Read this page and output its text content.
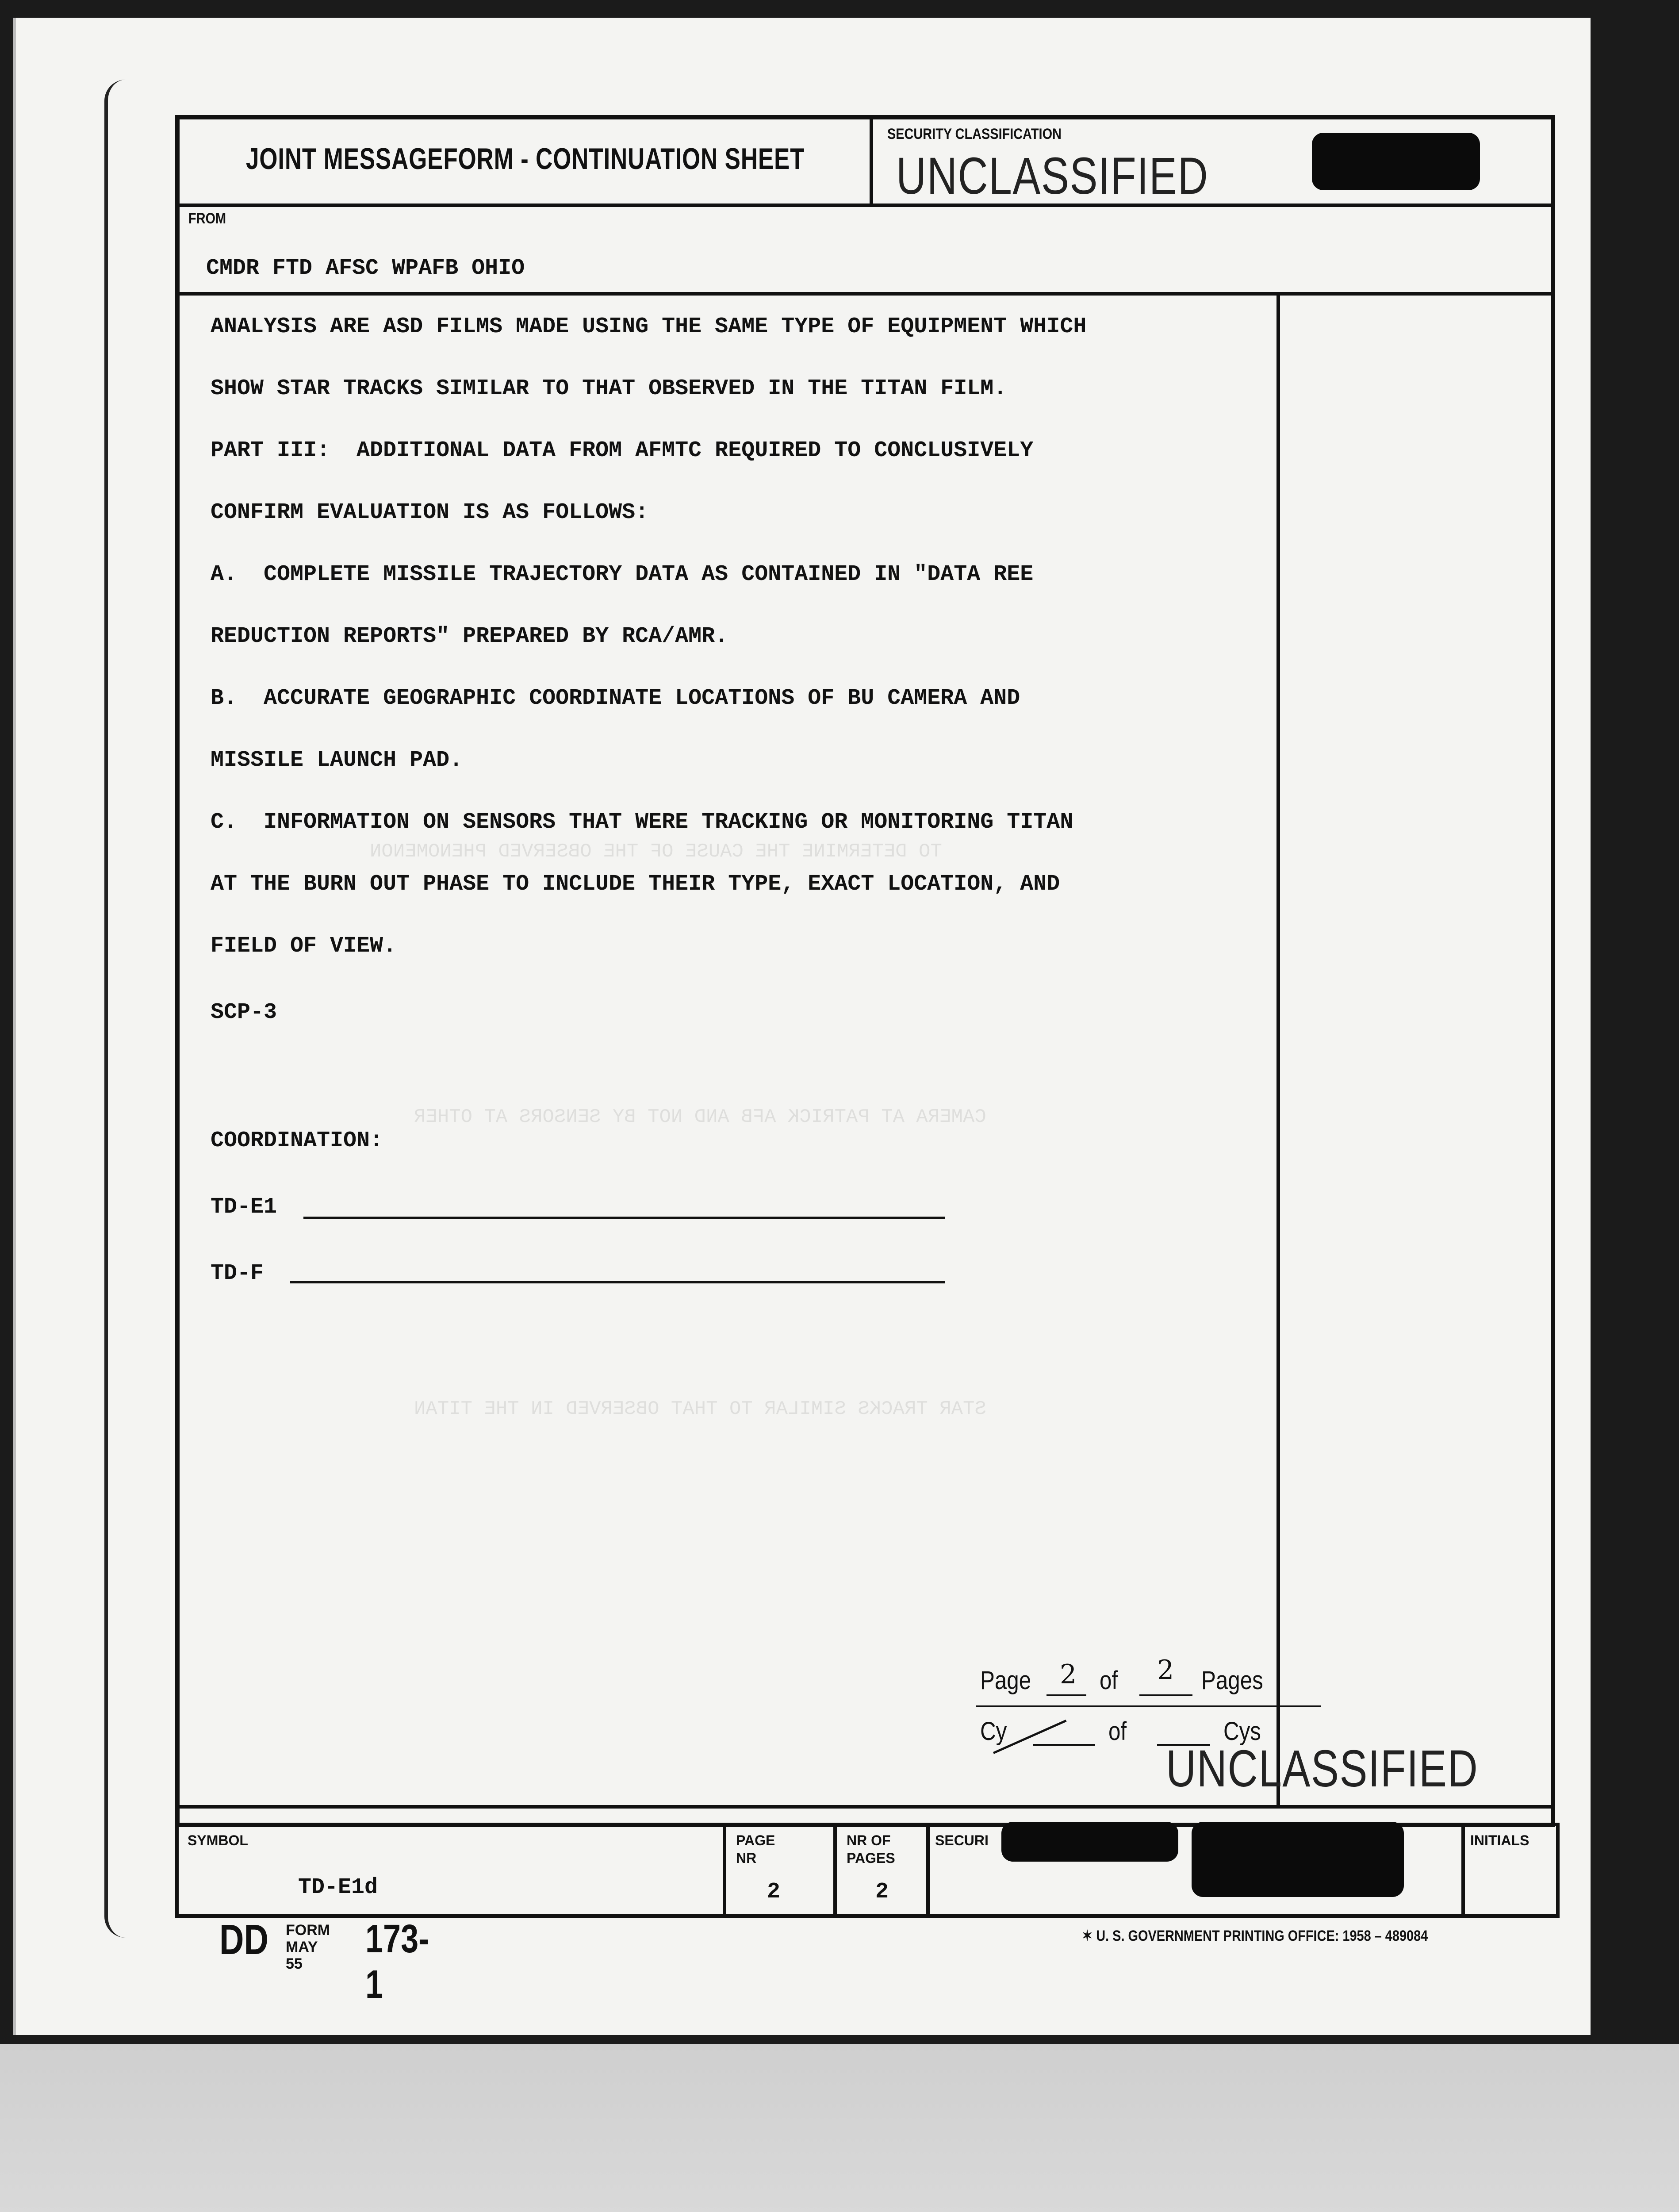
TO DETERMINE THE CAUSE OF THE OBSERVED PHENOMENON
CAMERA AT PATRICK AFB AND NOT BY SENSORS AT OTHER
STAR TRACKS SIMILAR TO THAT OBSERVED IN THE TITAN
JOINT MESSAGEFORM - CONTINUATION SHEET
SECURITY CLASSIFICATION
UNCLASSIFIED
FROM
CMDR FTD AFSC WPAFB OHIO
ANALYSIS ARE ASD FILMS MADE USING THE SAME TYPE OF EQUIPMENT WHICH
SHOW STAR TRACKS SIMILAR TO THAT OBSERVED IN THE TITAN FILM.
PART III:  ADDITIONAL DATA FROM AFMTC REQUIRED TO CONCLUSIVELY
CONFIRM EVALUATION IS AS FOLLOWS:
A.  COMPLETE MISSILE TRAJECTORY DATA AS CONTAINED IN "DATA REE
REDUCTION REPORTS" PREPARED BY RCA/AMR.
B.  ACCURATE GEOGRAPHIC COORDINATE LOCATIONS OF BU CAMERA AND
MISSILE LAUNCH PAD.
C.  INFORMATION ON SENSORS THAT WERE TRACKING OR MONITORING TITAN
AT THE BURN OUT PHASE TO INCLUDE THEIR TYPE, EXACT LOCATION, AND
FIELD OF VIEW.
SCP-3
COORDINATION:
TD-E1
TD-F
Page 2 of 2 Pages
Cy	of	Cys
UNCLASSIFIED
SYMBOL
TD-E1d
PAGE
NR
2
NR OF
PAGES
2
SECURI	INITIALS
DD FORM
MAY 55
173-1
✶ U. S. GOVERNMENT PRINTING OFFICE: 1958 – 489084
